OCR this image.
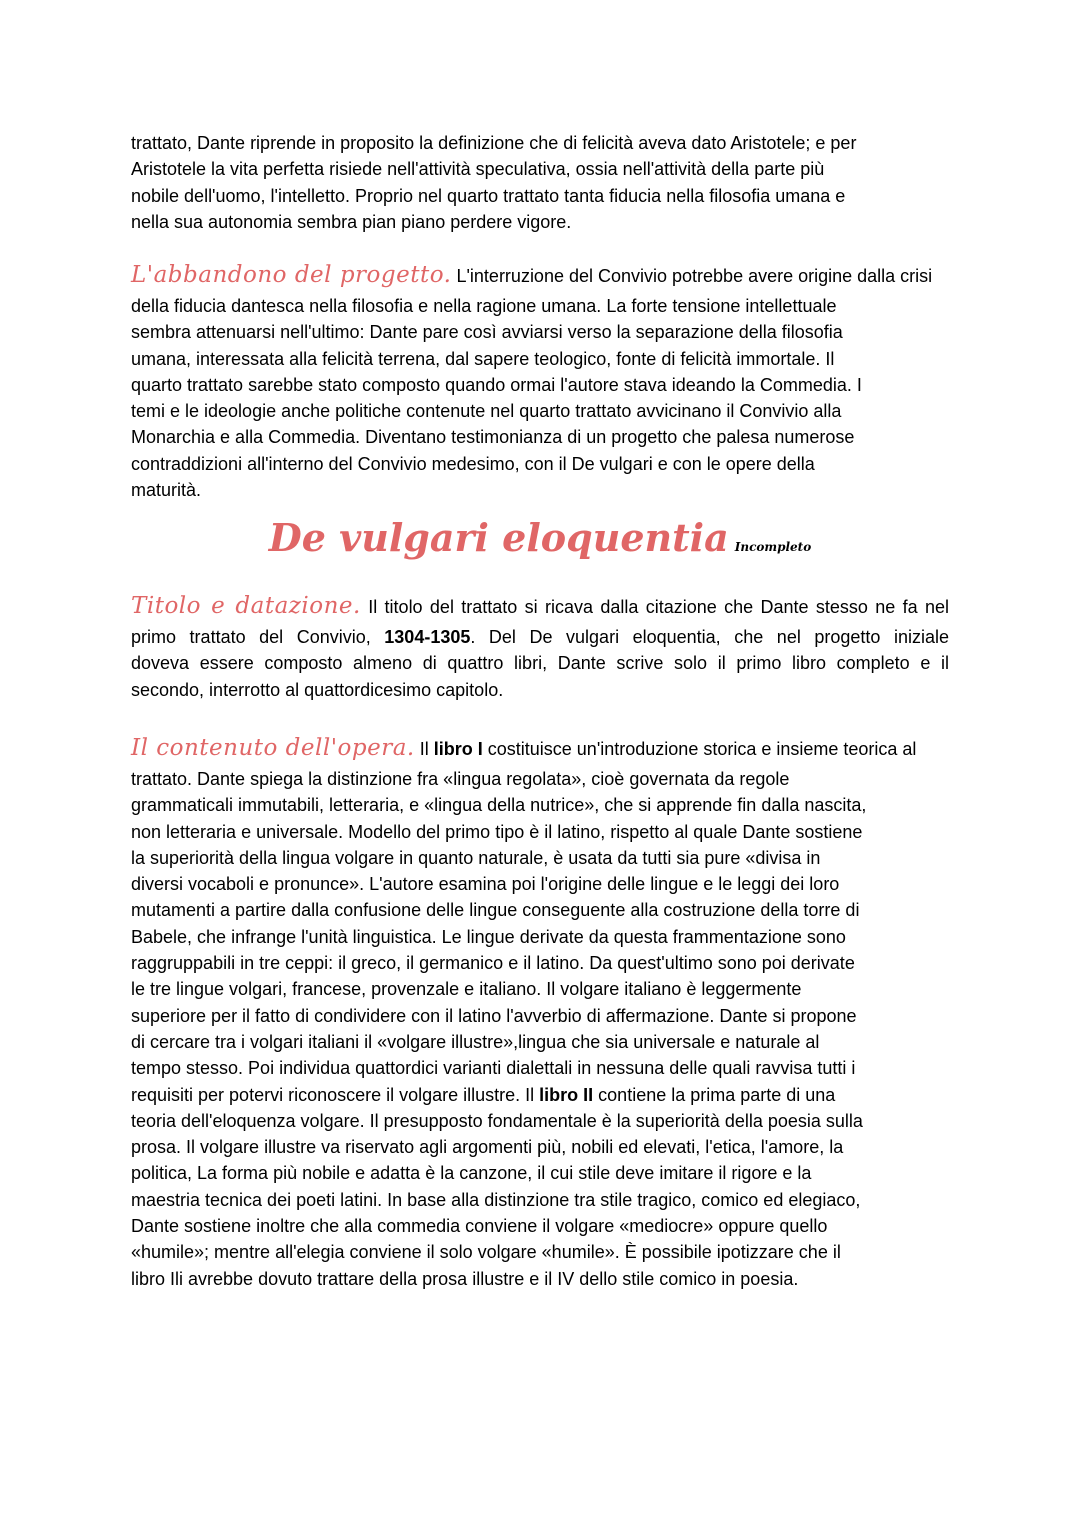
trattato, Dante riprende in proposito la definizione che di felicità aveva dato Aristotele; e per
Aristotele la vita perfetta risiede nell'attività speculativa, ossia nell'attività della parte più
nobile dell'uomo, l'intelletto. Proprio nel quarto trattato tanta fiducia nella filosofia umana e
nella sua autonomia sembra pian piano perdere vigore.
L'abbandono del progetto. L'interruzione del Convivio potrebbe avere origine dalla crisi
della fiducia dantesca nella filosofia e nella ragione umana. La forte tensione intellettuale
sembra attenuarsi nell'ultimo: Dante pare così avviarsi verso la separazione della filosofia
umana, interessata alla felicità terrena, dal sapere teologico, fonte di felicità immortale. Il
quarto trattato sarebbe stato composto quando ormai l'autore stava ideando la Commedia. I
temi e le ideologie anche politiche contenute nel quarto trattato avvicinano il Convivio alla
Monarchia e alla Commedia. Diventano testimonianza di un progetto che palesa numerose
contraddizioni all'interno del Convivio medesimo, con il De vulgari e con le opere della
maturità.
De vulgari eloquentia Incompleto
Titolo e datazione. Il titolo del trattato si ricava dalla citazione che Dante stesso ne fa nel
primo trattato del Convivio, 1304-1305. Del De vulgari eloquentia, che nel progetto iniziale
doveva essere composto almeno di quattro libri, Dante scrive solo il primo libro completo e il
secondo, interrotto al quattordicesimo capitolo.
Il contenuto dell'opera. Il libro I costituisce un'introduzione storica e insieme teorica al
trattato. Dante spiega la distinzione fra «lingua regolata», cioè governata da regole
grammaticali immutabili, letteraria, e «lingua della nutrice», che si apprende fin dalla nascita,
non letteraria e universale. Modello del primo tipo è il latino, rispetto al quale Dante sostiene
la superiorità della lingua volgare in quanto naturale, è usata da tutti sia pure «divisa in
diversi vocaboli e pronunce». L'autore esamina poi l'origine delle lingue e le leggi dei loro
mutamenti a partire dalla confusione delle lingue conseguente alla costruzione della torre di
Babele, che infrange l'unità linguistica. Le lingue derivate da questa frammentazione sono
raggruppabili in tre ceppi: il greco, il germanico e il latino. Da quest'ultimo sono poi derivate
le tre lingue volgari, francese, provenzale e italiano. Il volgare italiano è leggermente
superiore per il fatto di condividere con il latino l'avverbio di affermazione. Dante si propone
di cercare tra i volgari italiani il «volgare illustre»,lingua che sia universale e naturale al
tempo stesso. Poi individua quattordici varianti dialettali in nessuna delle quali ravvisa tutti i
requisiti per potervi riconoscere il volgare illustre. Il libro II contiene la prima parte di una
teoria dell'eloquenza volgare. Il presupposto fondamentale è la superiorità della poesia sulla
prosa. Il volgare illustre va riservato agli argomenti più, nobili ed elevati, l'etica, l'amore, la
politica, La forma più nobile e adatta è la canzone, il cui stile deve imitare il rigore e la
maestria tecnica dei poeti latini. In base alla distinzione tra stile tragico, comico ed elegiaco,
Dante sostiene inoltre che alla commedia conviene il volgare «mediocre» oppure quello
«humile»; mentre all'elegia conviene il solo volgare «humile». È possibile ipotizzare che il
libro Ili avrebbe dovuto trattare della prosa illustre e il IV dello stile comico in poesia.
